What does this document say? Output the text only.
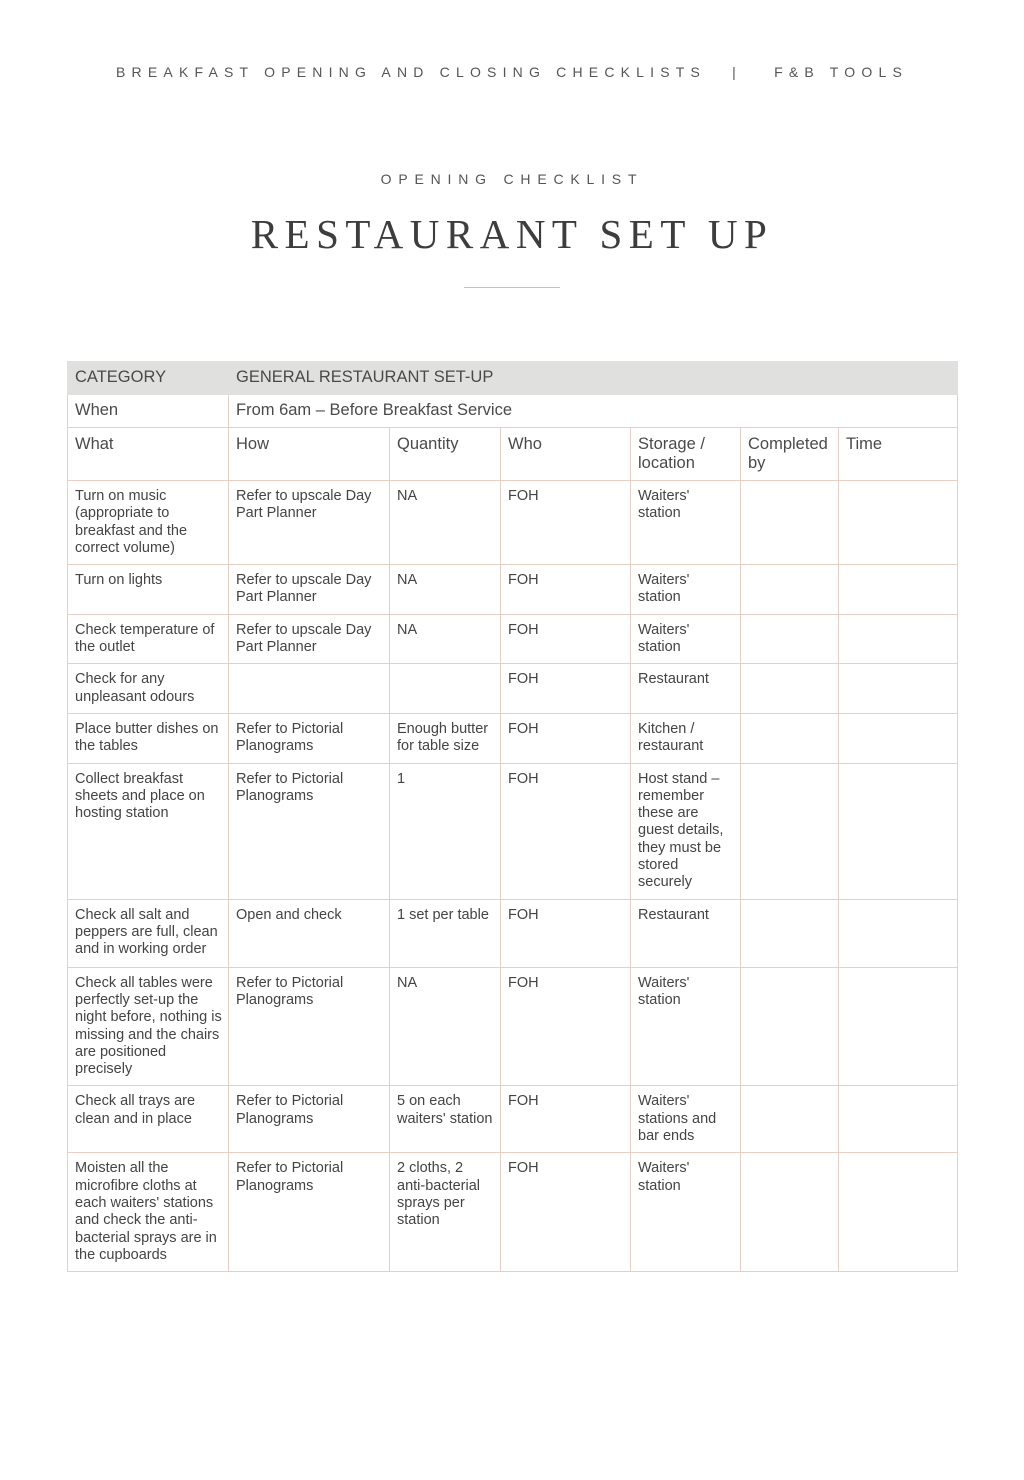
BREAKFAST OPENING AND CLOSING CHECKLISTS | F&B TOOLS
OPENING CHECKLIST
RESTAURANT SET UP
CATEGORY	GENERAL RESTAURANT SET-UP					
When	From 6am – Before Breakfast Service					
What	How	Quantity	Who	Storage / location	Completed by	Time
Turn on music (appropriate to breakfast and the correct volume)	Refer to upscale Day Part Planner	NA	FOH	Waiters' station		
Turn on lights	Refer to upscale Day Part Planner	NA	FOH	Waiters' station		
Check temperature of the outlet	Refer to upscale Day Part Planner	NA	FOH	Waiters' station		
Check for any unpleasant odours			FOH	Restaurant		
Place butter dishes on the tables	Refer to Pictorial Planograms	Enough butter for table size	FOH	Kitchen / restaurant		
Collect breakfast sheets and place on hosting station	Refer to Pictorial Planograms	1	FOH	Host stand – remember these are guest details, they must be stored securely		
Check all salt and peppers are full, clean and in working order	Open and check	1 set per table	FOH	Restaurant		
Check all tables were perfectly set-up the night before, nothing is missing and the chairs are positioned precisely	Refer to Pictorial Planograms	NA	FOH	Waiters' station		
Check all trays are clean and in place	Refer to Pictorial Planograms	5 on each waiters' station	FOH	Waiters' stations and bar ends		
Moisten all the microfibre cloths at each waiters' stations and check the anti-bacterial sprays are in the cupboards	Refer to Pictorial Planograms	2 cloths, 2 anti-bacterial sprays per station	FOH	Waiters' station		
